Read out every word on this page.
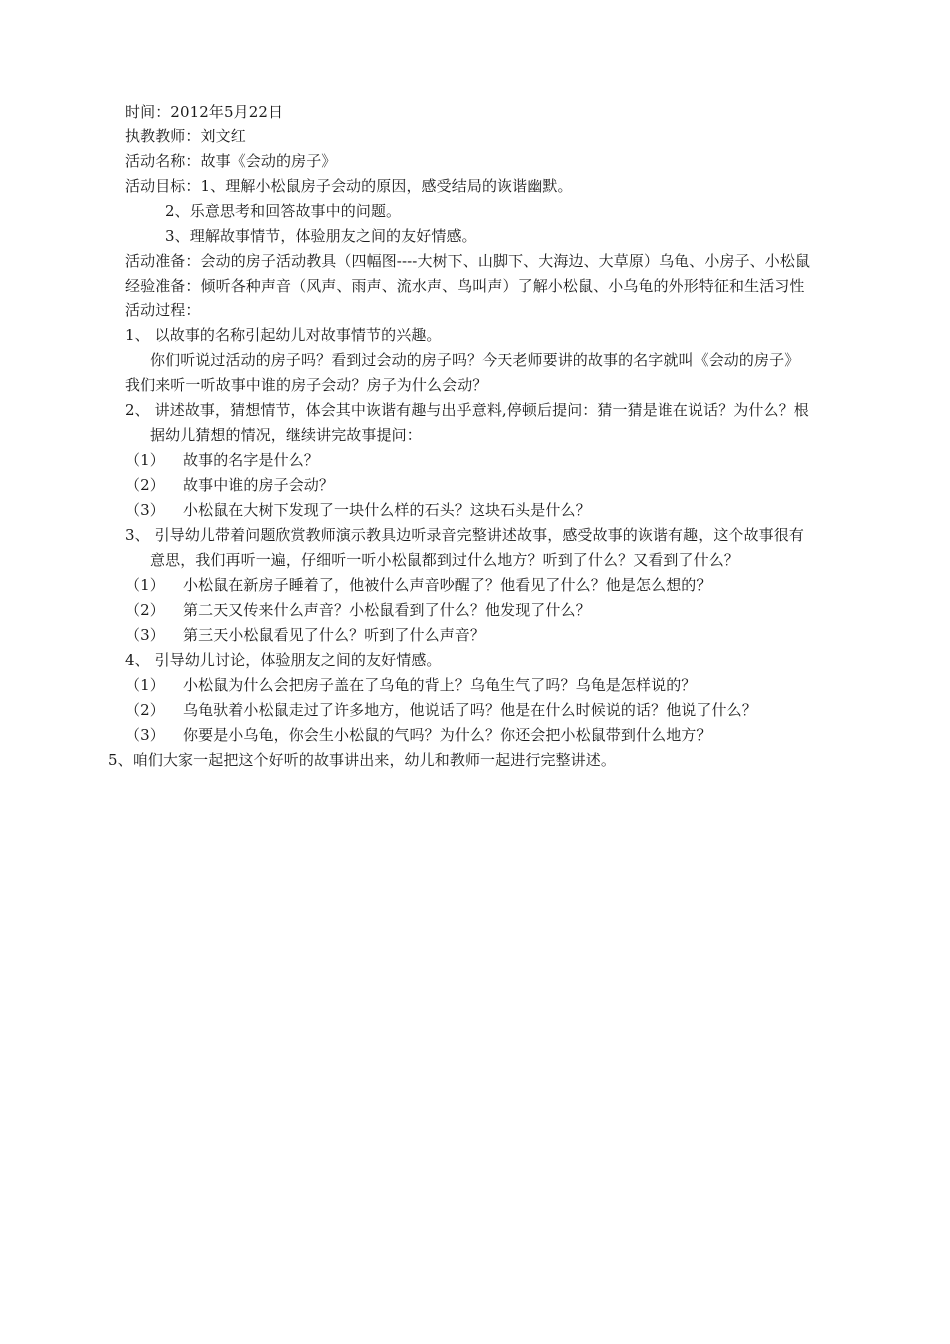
时间：2012年5月22日
执教教师：刘文红
活动名称：故事《会动的房子》
活动目标：1、理解小松鼠房子会动的原因，感受结局的诙谐幽默。
2、乐意思考和回答故事中的问题。
3、理解故事情节，体验朋友之间的友好情感。
活动准备：会动的房子活动教具（四幅图----大树下、山脚下、大海边、大草原）乌龟、小房子、小松鼠
经验准备：倾听各种声音（风声、雨声、流水声、鸟叫声）了解小松鼠、小乌龟的外形特征和生活习性
活动过程：
1、 以故事的名称引起幼儿对故事情节的兴趣。
你们听说过活动的房子吗？看到过会动的房子吗？今天老师要讲的故事的名字就叫《会动的房子》
我们来听一听故事中谁的房子会动？房子为什么会动？
2、 讲述故事，猜想情节，体会其中诙谐有趣与出乎意料,停顿后提问：猜一猜是谁在说话？为什么？根
据幼儿猜想的情况，继续讲完故事提问：
（1） 故事的名字是什么？
（2） 故事中谁的房子会动？
（3） 小松鼠在大树下发现了一块什么样的石头？这块石头是什么？
3、 引导幼儿带着问题欣赏教师演示教具边听录音完整讲述故事，感受故事的诙谐有趣，这个故事很有
意思，我们再听一遍，仔细听一听小松鼠都到过什么地方？听到了什么？又看到了什么？
（1） 小松鼠在新房子睡着了，他被什么声音吵醒了？他看见了什么？他是怎么想的？
（2） 第二天又传来什么声音？小松鼠看到了什么？他发现了什么？
（3） 第三天小松鼠看见了什么？听到了什么声音？
4、 引导幼儿讨论，体验朋友之间的友好情感。
（1） 小松鼠为什么会把房子盖在了乌龟的背上？乌龟生气了吗？乌龟是怎样说的？
（2） 乌龟驮着小松鼠走过了许多地方，他说话了吗？他是在什么时候说的话？他说了什么？
（3） 你要是小乌龟，你会生小松鼠的气吗？为什么？你还会把小松鼠带到什么地方？
5、咱们大家一起把这个好听的故事讲出来，幼儿和教师一起进行完整讲述。
